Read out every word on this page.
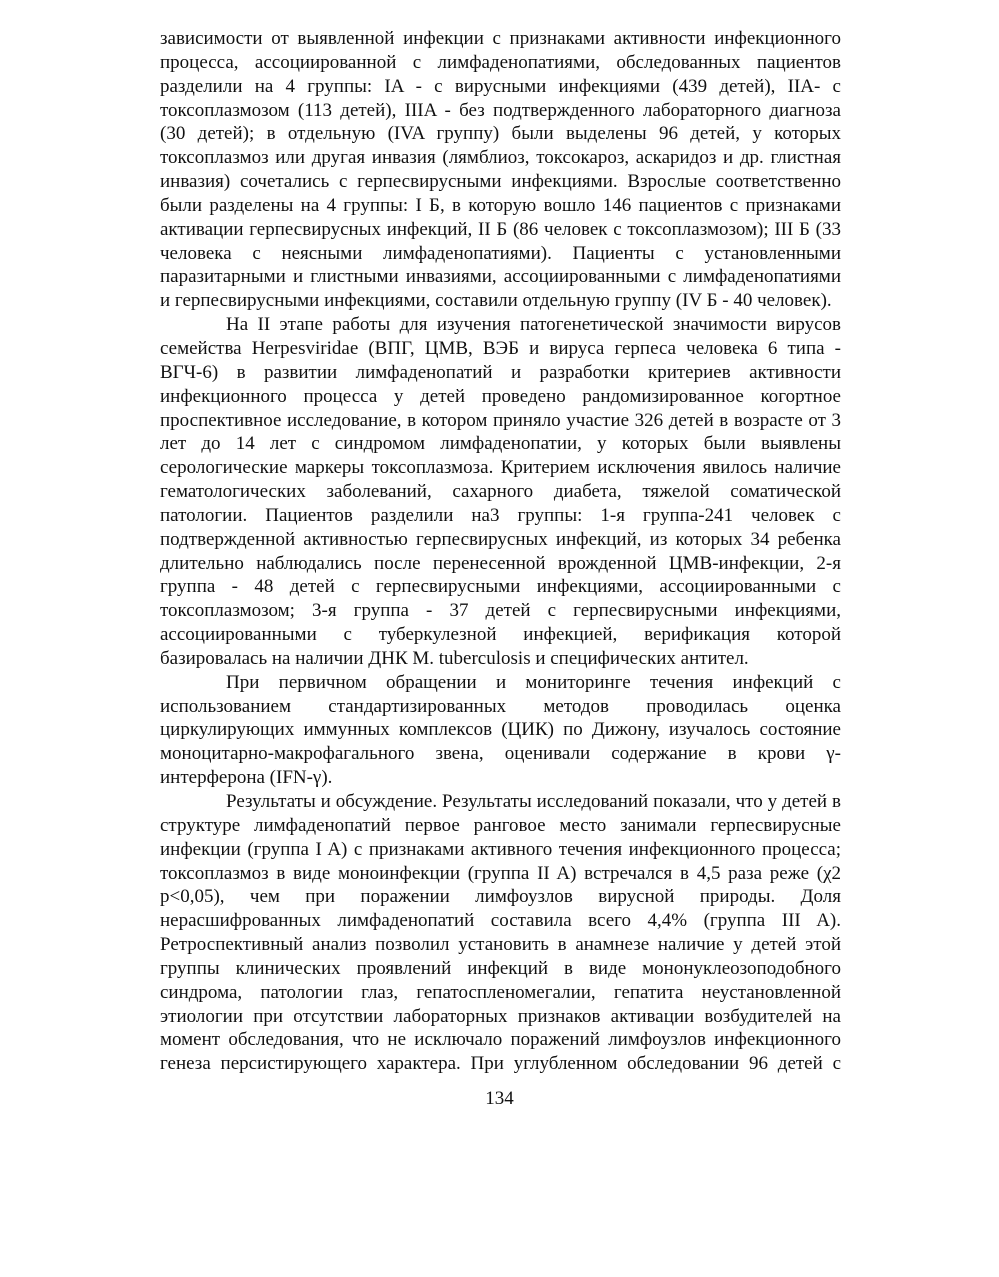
зависимости от выявленной инфекции с признаками активности инфекционного процесса, ассоциированной с лимфаденопатиями, обследованных пациентов разделили на 4 группы: IA - с вирусными инфекциями (439 детей), IIA- с токсоплазмозом (113 детей), IIIA - без подтвержденного лабораторного диагноза (30 детей); в отдельную (IVA группу) были выделены 96 детей, у которых токсоплазмоз или другая инвазия (лямблиоз, токсокароз, аскаридоз и др. глистная инвазия) сочетались с герпесвирусными инфекциями. Взрослые соответственно были разделены на 4 группы: I Б, в которую вошло 146 пациентов с признаками активации герпесвирусных инфекций, II Б (86 человек с токсоплазмозом); III Б (33 человека с неясными лимфаденопатиями). Пациенты с установленными паразитарными и глистными инвазиями, ассоциированными с лимфаденопатиями и герпесвирусными инфекциями, составили отдельную группу (IV Б - 40 человек).

На II этапе работы для изучения патогенетической значимости вирусов семейства Herpesviridae (ВПГ, ЦМВ, ВЭБ и вируса герпеса человека 6 типа - ВГЧ-6) в развитии лимфаденопатий и разработки критериев активности инфекционного процесса у детей проведено рандомизированное когортное проспективное исследование, в котором приняло участие 326 детей в возрасте от 3 лет до 14 лет с синдромом лимфаденопатии, у которых были выявлены серологические маркеры токсоплазмоза. Критерием исключения явилось наличие гематологических заболеваний, сахарного диабета, тяжелой соматической патологии. Пациентов разделили на3 группы: 1-я группа-241 человек с подтвержденной активностью герпесвирусных инфекций, из которых 34 ребенка длительно наблюдались после перенесенной врожденной ЦМВ-инфекции, 2-я группа - 48 детей с герпесвирусными инфекциями, ассоциированными с токсоплазмозом; 3-я группа - 37 детей с герпесвирусными инфекциями, ассоциированными с туберкулезной инфекцией, верификация которой базировалась на наличии ДНК M. tuberculosis и специфических антител.

При первичном обращении и мониторинге течения инфекций с использованием стандартизированных методов проводилась оценка циркулирующих иммунных комплексов (ЦИК) по Дижону, изучалось состояние моноцитарно-макрофагального звена, оценивали содержание в крови γ-интерферона (IFN-γ).

Результаты и обсуждение. Результаты исследований показали, что у детей в структуре лимфаденопатий первое ранговое место занимали герпесвирусные инфекции (группа I A) с признаками активного течения инфекционного процесса; токсоплазмоз в виде моноинфекции (группа II A) встречался в 4,5 раза реже (χ2 p<0,05), чем при поражении лимфоузлов вирусной природы. Доля нерасшифрованных лимфаденопатий составила всего 4,4% (группа III A). Ретроспективный анализ позволил установить в анамнезе наличие у детей этой группы клинических проявлений инфекций в виде мононуклеозоподобного синдрома, патологии глаз, гепатоспленомегалии, гепатита неустановленной этиологии при отсутствии лабораторных признаков активации возбудителей на момент обследования, что не исключало поражений лимфоузлов инфекционного генеза персистирующего характера. При углубленном обследовании 96 детей с

134
